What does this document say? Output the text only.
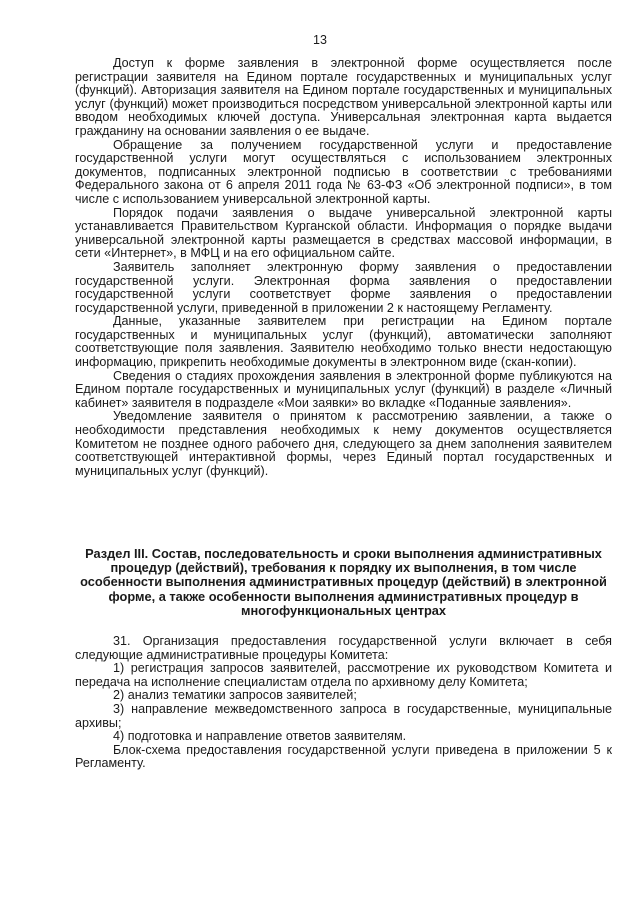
13

Доступ к форме заявления в электронной форме осуществляется после регистрации заявителя на Едином портале государственных и муниципальных услуг (функций). Авторизация заявителя на Едином портале государственных и муниципальных услуг (функций) может производиться посредством универсальной электронной карты или вводом необходимых ключей доступа. Универсальная электронная карта выдается гражданину на основании заявления о ее выдаче.

Обращение за получением государственной услуги и предоставление государственной услуги могут осуществляться с использованием электронных документов, подписанных электронной подписью в соответствии с требованиями Федерального закона от 6 апреля 2011 года № 63-ФЗ «Об электронной подписи», в том числе с использованием универсальной электронной карты.

Порядок подачи заявления о выдаче универсальной электронной карты устанавливается Правительством Курганской области. Информация о порядке выдачи универсальной электронной карты размещается в средствах массовой информации, в сети «Интернет», в МФЦ и на его официальном сайте.

Заявитель заполняет электронную форму заявления о предоставлении государственной услуги. Электронная форма заявления о предоставлении государственной услуги соответствует форме заявления о предоставлении государственной услуги, приведенной в приложении 2 к настоящему Регламенту.

Данные, указанные заявителем при регистрации на Едином портале государственных и муниципальных услуг (функций), автоматически заполняют соответствующие поля заявления. Заявителю необходимо только внести недостающую информацию, прикрепить необходимые документы в электронном виде (скан-копии).

Сведения о стадиях прохождения заявления в электронной форме публикуются на Едином портале государственных и муниципальных услуг (функций) в разделе «Личный кабинет» заявителя в подразделе «Мои заявки» во вкладке «Поданные заявления».

Уведомление заявителя о принятом к рассмотрению заявлении, а также о необходимости представления необходимых к нему документов осуществляется Комитетом не позднее одного рабочего дня, следующего за днем заполнения заявителем соответствующей интерактивной формы, через Единый портал государственных и муниципальных услуг (функций).

Раздел III. Состав, последовательность и сроки выполнения административных процедур (действий), требования к порядку их выполнения, в том числе особенности выполнения административных процедур (действий) в электронной форме, а также особенности выполнения административных процедур в многофункциональных центрах

31. Организация предоставления государственной услуги включает в себя следующие административные процедуры Комитета:

1) регистрация запросов заявителей, рассмотрение их руководством Комитета и передача на исполнение специалистам отдела по архивному делу Комитета;

2) анализ тематики запросов заявителей;

3) направление межведомственного запроса в государственные, муниципальные архивы;

4) подготовка и направление ответов заявителям.

Блок-схема предоставления государственной услуги приведена в приложении 5 к Регламенту.
